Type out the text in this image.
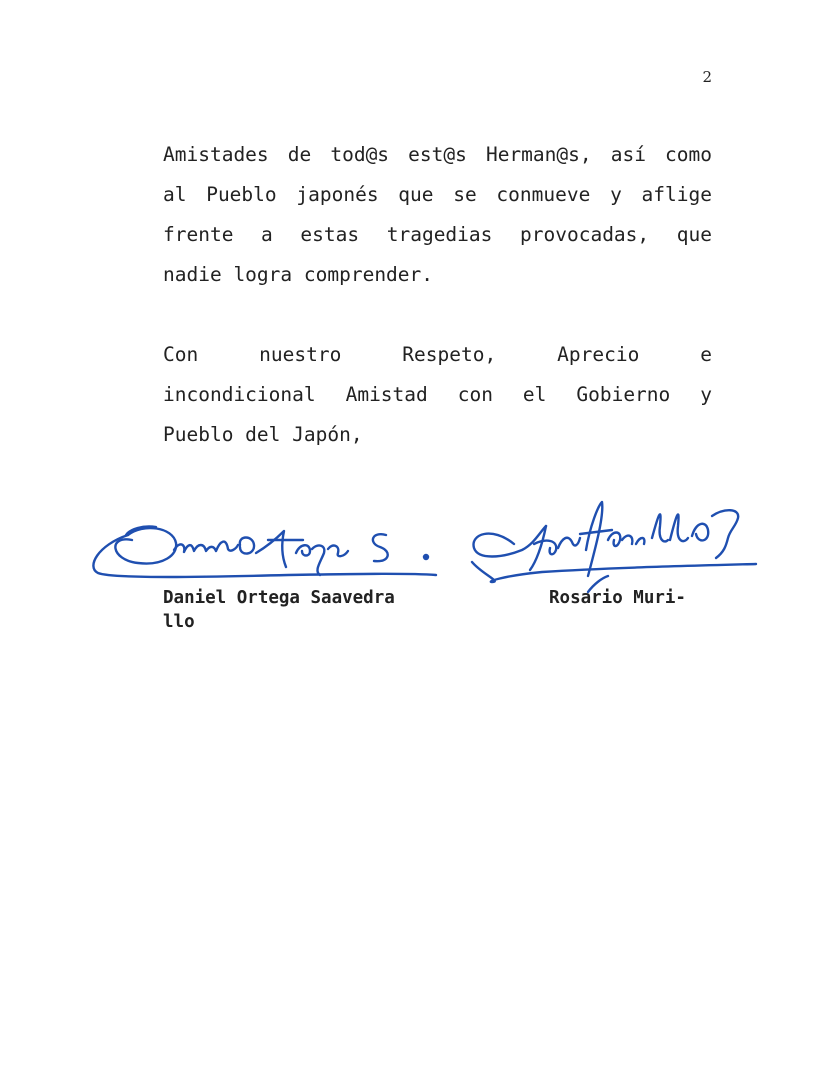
2
Amistades de tod@s est@s Herman@s, así como
al Pueblo japonés que se conmueve y aflige
frente a estas tragedias provocadas, que
nadie logra comprender.
Con nuestro Respeto, Aprecio e
incondicional Amistad con el Gobierno y
Pueblo del Japón,
Daniel Ortega Saavedra	Rosario Muri-
llo
